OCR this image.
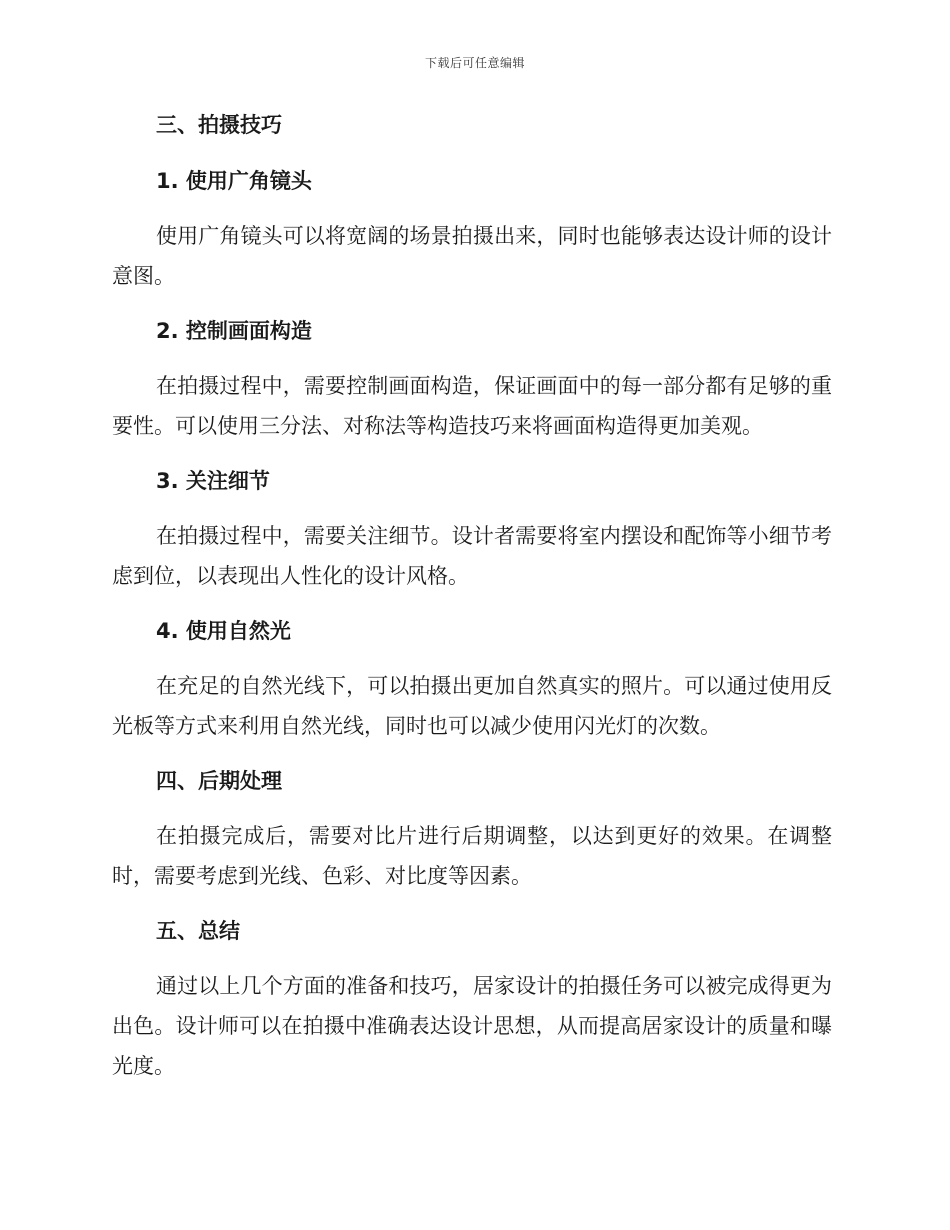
下载后可任意编辑
三、拍摄技巧
1. 使用广角镜头

使用广角镜头可以将宽阔的场景拍摄出来，同时也能够表达设计师的设计意图。

2. 控制画面构造

在拍摄过程中，需要控制画面构造，保证画面中的每一部分都有足够的重要性。可以使用三分法、对称法等构造技巧来将画面构造得更加美观。

3. 关注细节

在拍摄过程中，需要关注细节。设计者需要将室内摆设和配饰等小细节考虑到位，以表现出人性化的设计风格。

4. 使用自然光

在充足的自然光线下，可以拍摄出更加自然真实的照片。可以通过使用反光板等方式来利用自然光线，同时也可以减少使用闪光灯的次数。

四、后期处理

在拍摄完成后，需要对比片进行后期调整，以达到更好的效果。在调整时，需要考虑到光线、色彩、对比度等因素。

五、总结

通过以上几个方面的准备和技巧，居家设计的拍摄任务可以被完成得更为出色。设计师可以在拍摄中准确表达设计思想，从而提高居家设计的质量和曝光度。
